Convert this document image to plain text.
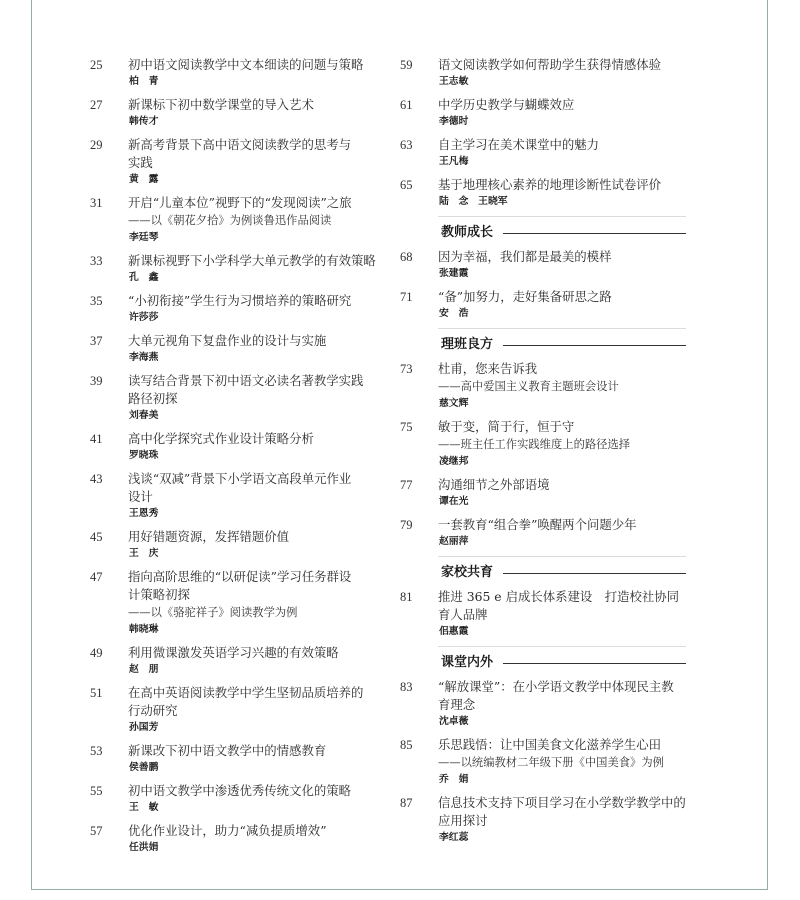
25	初中语文阅读教学中文本细读的问题与策略
柏　青
27	新课标下初中数学课堂的导入艺术
韩传才
29	新高考背景下高中语文阅读教学的思考与
实践
黄　露
31	开启“儿童本位”视野下的“发现阅读”之旅
——以《朝花夕拾》为例谈鲁迅作品阅读
李廷琴
33	新课标视野下小学科学大单元教学的有效策略
孔　鑫
35	“小初衔接”学生行为习惯培养的策略研究
许莎莎
37	大单元视角下复盘作业的设计与实施
李海燕
39	读写结合背景下初中语文必读名著教学实践
路径初探
刘春美
41	高中化学探究式作业设计策略分析
罗晓珠
43	浅谈“双减”背景下小学语文高段单元作业
设计
王恩秀
45	用好错题资源，发挥错题价值
王　庆
47	指向高阶思维的“以研促读”学习任务群设
计策略初探
——以《骆驼祥子》阅读教学为例
韩晓琳
49	利用微课激发英语学习兴趣的有效策略
赵　朋
51	在高中英语阅读教学中学生坚韧品质培养的
行动研究
孙国芳
53	新课改下初中语文教学中的情感教育
侯善鹏
55	初中语文教学中渗透优秀传统文化的策略
王　敏
57	优化作业设计，助力“减负提质增效”
任洪娟
59	语文阅读教学如何帮助学生获得情感体验
王志敏
61	中学历史教学与蝴蝶效应
李德时
63	自主学习在美术课堂中的魅力
王凡梅
65	基于地理核心素养的地理诊断性试卷评价
陆　念　王晓军
教师成长
68	因为幸福，我们都是最美的模样
张建霞
71	“备”加努力，走好集备研思之路
安　浩
理班良方
73	杜甫，您来告诉我
——高中爱国主义教育主题班会设计
慈文辉
75	敏于变，简于行，恒于守
——班主任工作实践维度上的路径选择
凌继邦
77	沟通细节之外部语境
谭在光
79	一套教育“组合拳”唤醒两个问题少年
赵丽萍
家校共育
81	推进 365 e 启成长体系建设　打造校社协同
育人品牌
佀惠霞
课堂内外
83	“解放课堂”：在小学语文教学中体现民主教
育理念
沈卓薇
85	乐思践悟：让中国美食文化滋养学生心田
——以统编教材二年级下册《中国美食》为例
乔　娟
87	信息技术支持下项目学习在小学数学教学中的
应用探讨
李红蕊
